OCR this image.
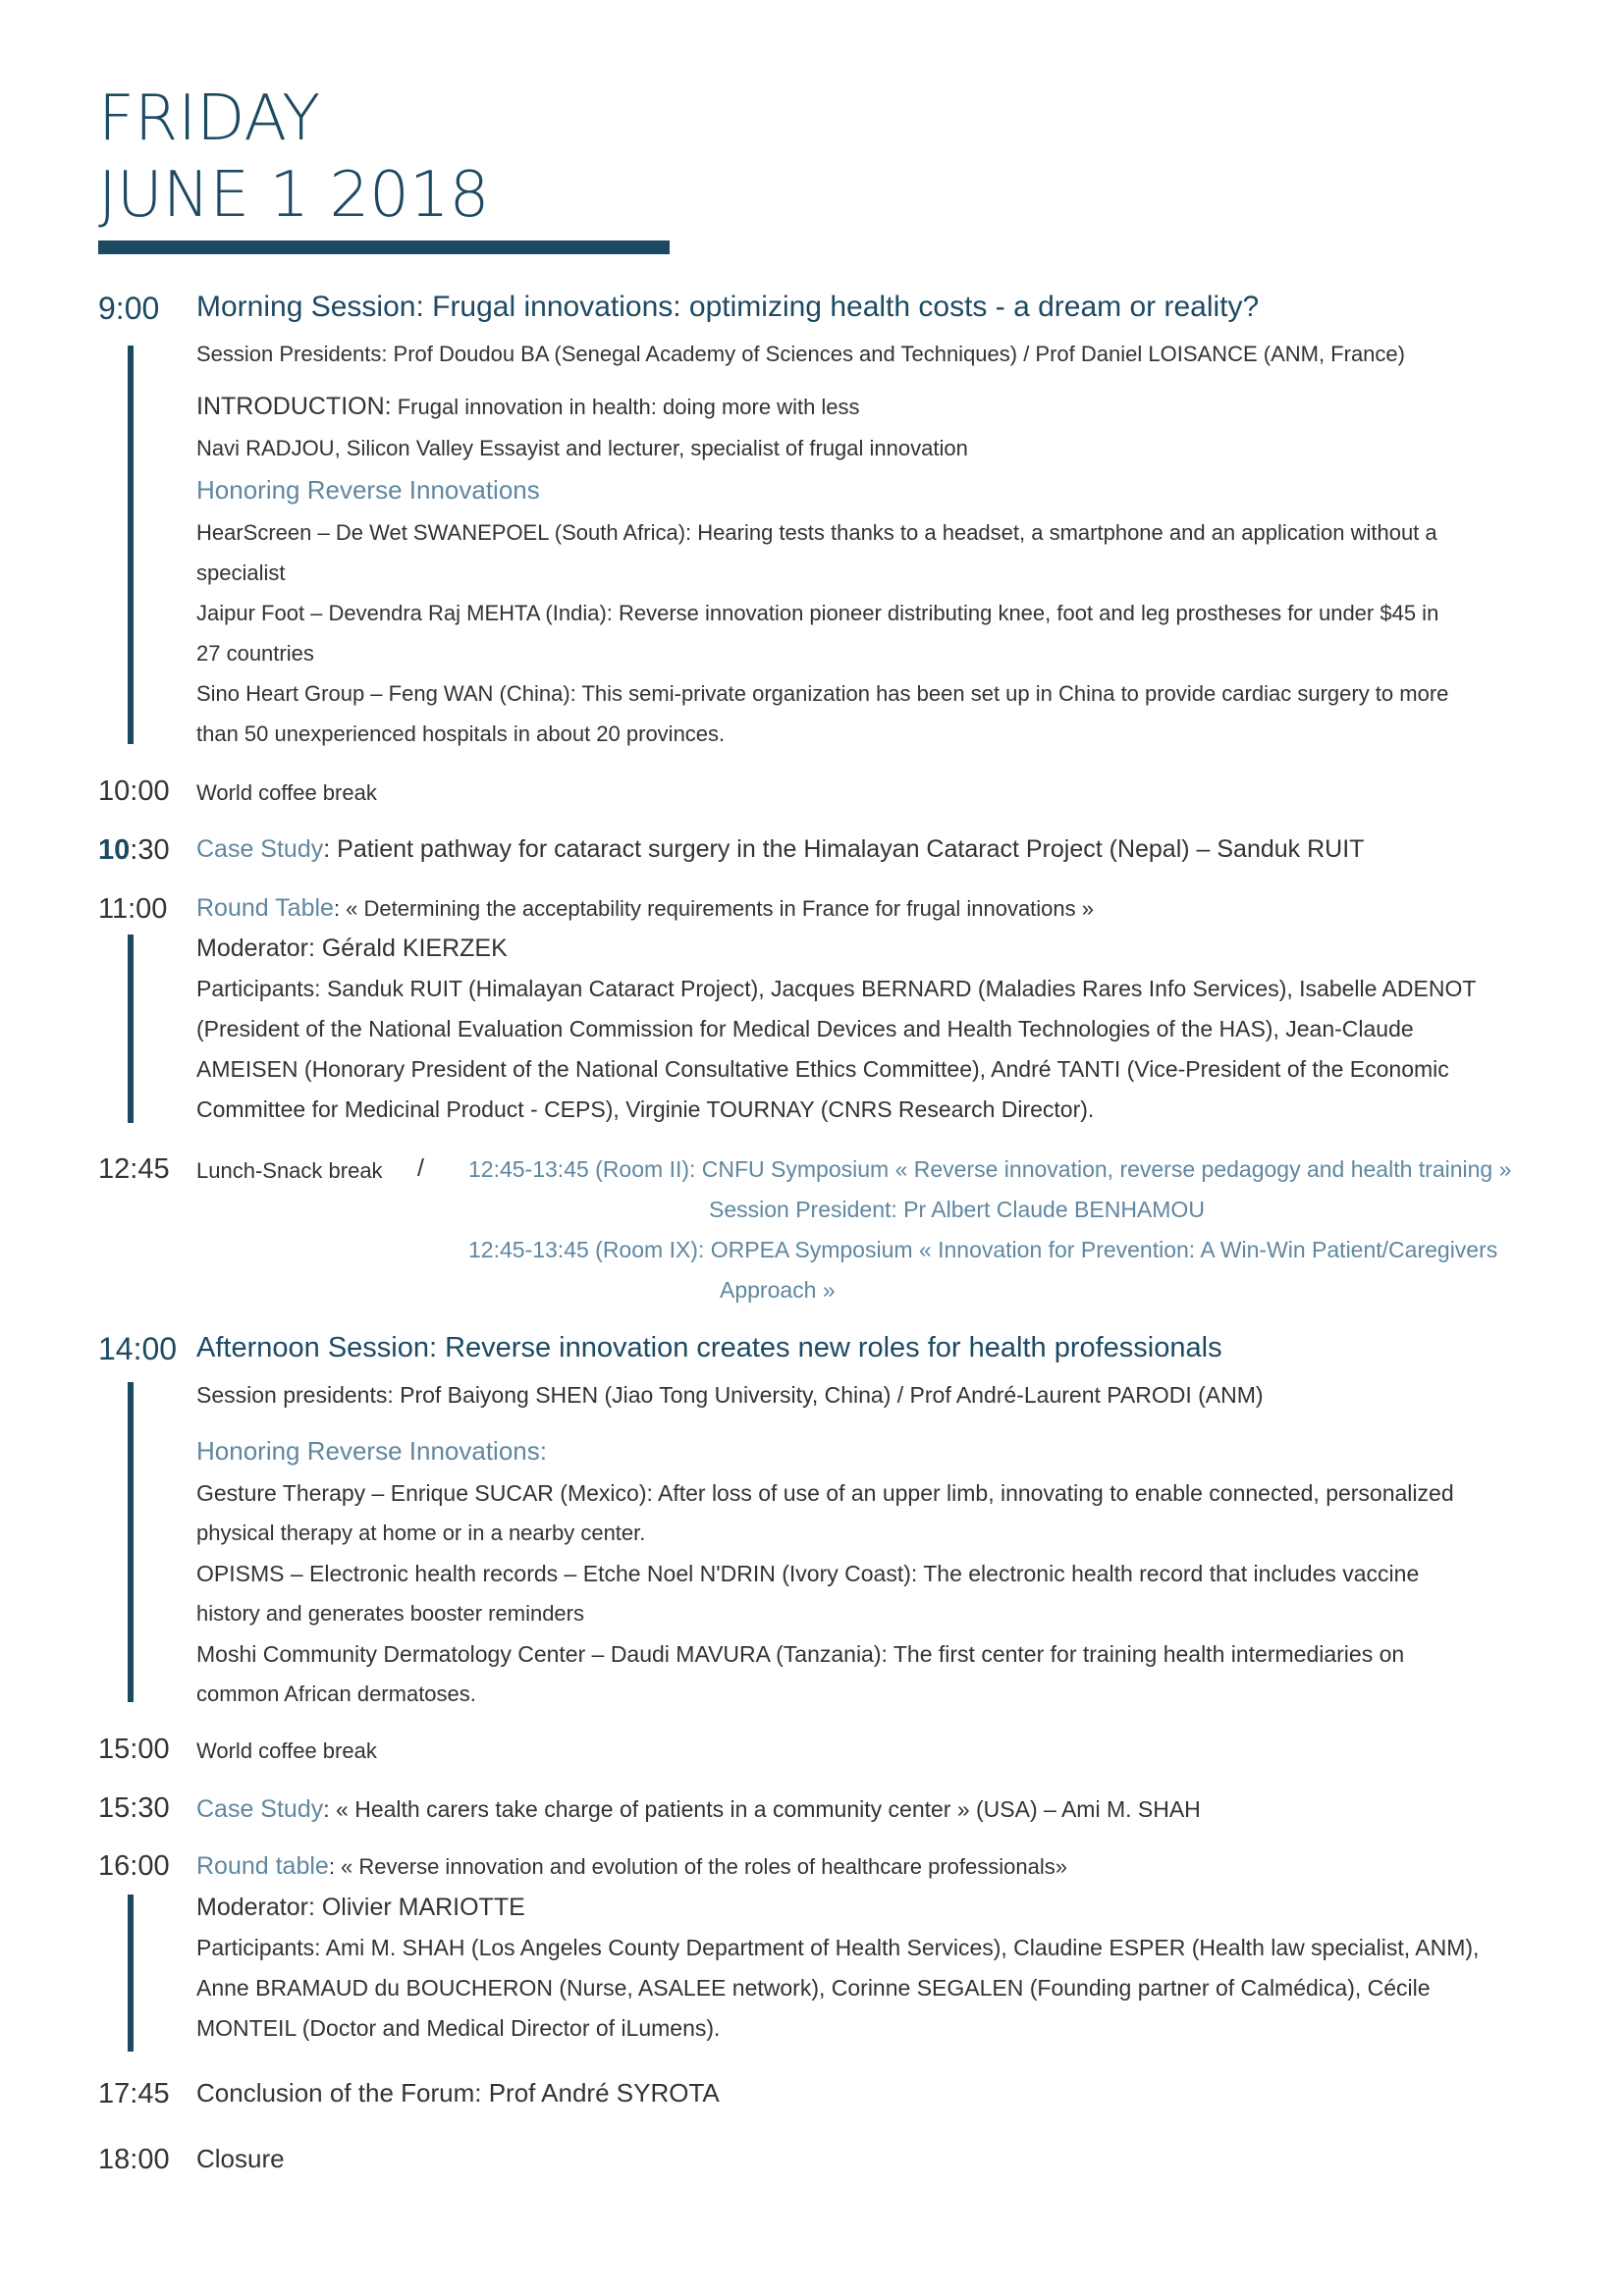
FRIDAY
JUNE 1 2018
9:00 Morning Session: Frugal innovations: optimizing health costs - a dream or reality?
Session Presidents: Prof Doudou BA (Senegal Academy of Sciences and Techniques) / Prof Daniel LOISANCE (ANM, France)
INTRODUCTION: Frugal innovation in health: doing more with less
Navi RADJOU, Silicon Valley Essayist and lecturer, specialist of frugal innovation
Honoring Reverse Innovations
HearScreen – De Wet SWANEPOEL (South Africa): Hearing tests thanks to a headset, a smartphone and an application without a
specialist
Jaipur Foot – Devendra Raj MEHTA (India): Reverse innovation pioneer distributing knee, foot and leg prostheses for under $45 in
27 countries
Sino Heart Group – Feng WAN (China): This semi-private organization has been set up in China to provide cardiac surgery to more
than 50 unexperienced hospitals in about 20 provinces.
10:00 World coffee break
10:30 Case Study: Patient pathway for cataract surgery in the Himalayan Cataract Project (Nepal) – Sanduk RUIT
11:00 Round Table: « Determining the acceptability requirements in France for frugal innovations »
Moderator: Gérald KIERZEK
Participants: Sanduk RUIT (Himalayan Cataract Project), Jacques BERNARD (Maladies Rares Info Services), Isabelle ADENOT
(President of the National Evaluation Commission for Medical Devices and Health Technologies of the HAS), Jean-Claude
AMEISEN (Honorary President of the National Consultative Ethics Committee), André TANTI (Vice-President of the Economic
Committee for Medicinal Product - CEPS), Virginie TOURNAY (CNRS Research Director).
12:45 Lunch-Snack break / 12:45-13:45 (Room II): CNFU Symposium « Reverse innovation, reverse pedagogy and health training »
Session President: Pr Albert Claude BENHAMOU
12:45-13:45 (Room IX): ORPEA Symposium « Innovation for Prevention: A Win-Win Patient/Caregivers
Approach »
14:00 Afternoon Session: Reverse innovation creates new roles for health professionals
Session presidents: Prof Baiyong SHEN (Jiao Tong University, China) / Prof André-Laurent PARODI (ANM)
Honoring Reverse Innovations:
Gesture Therapy – Enrique SUCAR (Mexico): After loss of use of an upper limb, innovating to enable connected, personalized
physical therapy at home or in a nearby center.
OPISMS – Electronic health records – Etche Noel N'DRIN (Ivory Coast): The electronic health record that includes vaccine
history and generates booster reminders
Moshi Community Dermatology Center – Daudi MAVURA (Tanzania): The first center for training health intermediaries on
common African dermatoses.
15:00 World coffee break
15:30 Case Study: « Health carers take charge of patients in a community center » (USA) – Ami M. SHAH
16:00 Round table: « Reverse innovation and evolution of the roles of healthcare professionals»
Moderator: Olivier MARIOTTE
Participants: Ami M. SHAH (Los Angeles County Department of Health Services), Claudine ESPER (Health law specialist, ANM),
Anne BRAMAUD du BOUCHERON (Nurse, ASALEE network), Corinne SEGALEN (Founding partner of Calmédica), Cécile
MONTEIL (Doctor and Medical Director of iLumens).
17:45 Conclusion of the Forum: Prof André SYROTA
18:00 Closure
